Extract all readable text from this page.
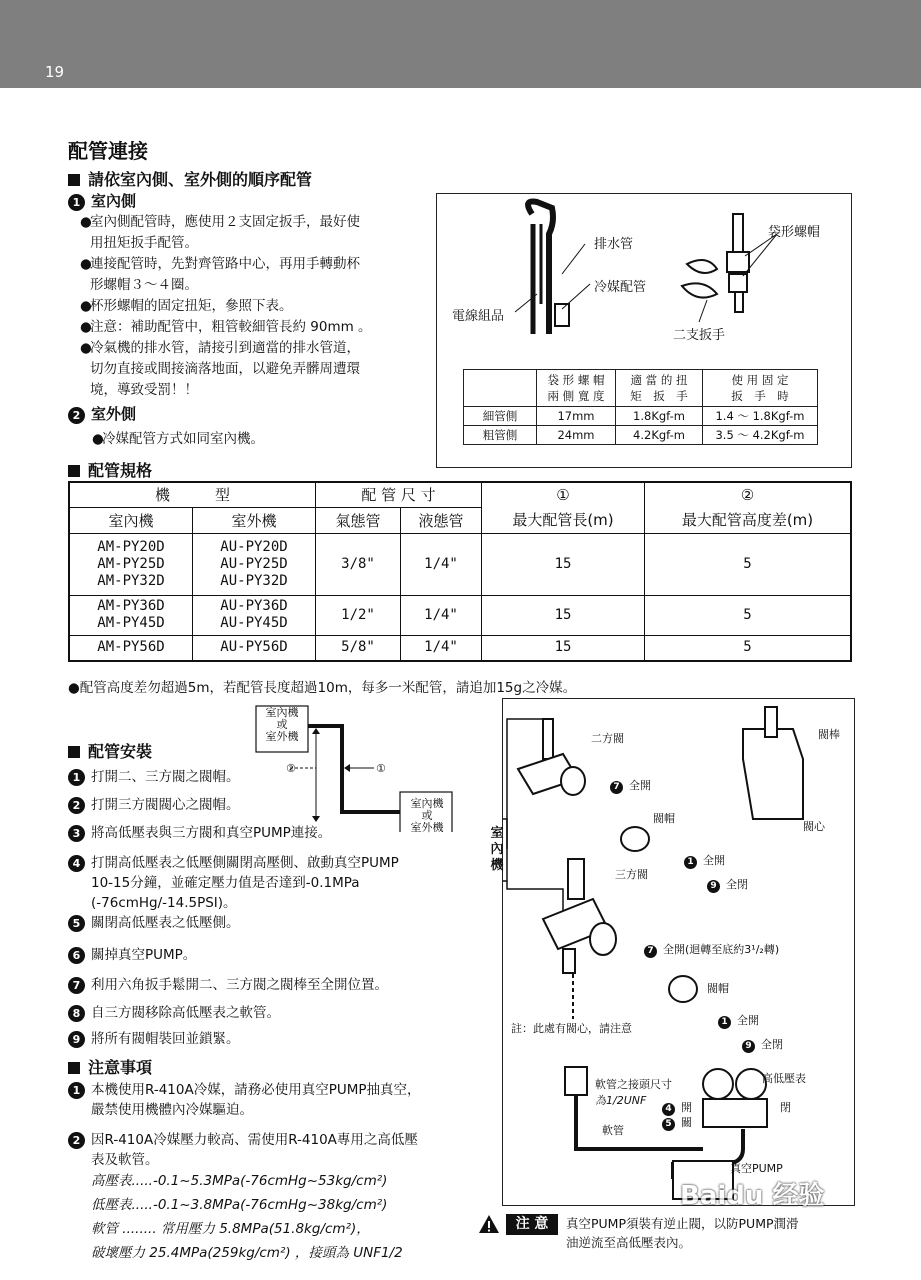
19
配管連接
請依室內側、室外側的順序配管
1 室內側
●室內側配管時，應使用２支固定扳手，最好使
用扭矩扳手配管。
●連接配管時，先對齊管路中心，再用手轉動杯
形螺帽３～４圈。
●杯形螺帽的固定扭矩，參照下表。
●注意：補助配管中，粗管較細管長約 90mm 。
●冷氣機的排水管，請接引到適當的排水管道，
切勿直接或間接滴落地面，以避免弄髒周遭環
境，導致受罰！！
2 室外側
●冷媒配管方式如同室內機。
排水管
冷媒配管
電線組品
袋形螺帽
二支扳手
	袋 形 螺 帽
兩 側 寬 度	適 當 的 扭
矩　扳　手	使 用 固 定
扳　手　時
細管側	17mm	1.8Kgf-m	1.4 ～ 1.8Kgf-m
粗管側	24mm	4.2Kgf-m	3.5 ～ 4.2Kgf-m
配管規格
機　　　型		配 管 尺 寸		①	②
室內機	室外機	氣態管	液態管	最大配管長(m)	最大配管高度差(m)
AM-PY20D
AM-PY25D
AM-PY32D	AU-PY20D
AU-PY25D
AU-PY32D	3/8"	1/4"	15	5
AM-PY36D
AM-PY45D	AU-PY36D
AU-PY45D	1/2"	1/4"	15	5
AM-PY56D	AU-PY56D	5/8"	1/4"	15	5
●配管高度差勿超過5m，若配管長度超過10m，每多一米配管，請追加15g之冷媒。
配管安裝
室內機
或
室外機
室內機
或
室外機
②	①
1 打開二、三方閥之閥帽。
2 打開三方閥閥心之閥帽。
3 將高低壓表與三方閥和真空PUMP連接。
4 打開高低壓表之低壓側關閉高壓側、啟動真空PUMP
10-15分鐘，並確定壓力值是否達到-0.1MPa
(-76cmHg/-14.5PSI)。
5 關閉高低壓表之低壓側。
6 關掉真空PUMP。
7 利用六角扳手鬆開二、三方閥之閥棒至全開位置。
8 自三方閥移除高低壓表之軟管。
9 將所有閥帽裝回並鎖緊。
注意事項
1 本機使用R-410A冷媒，請務必使用真空PUMP抽真空，
嚴禁使用機體內冷媒驅迫。
2 因R-410A冷媒壓力較高、需使用R-410A專用之高低壓
表及軟管。
高壓表.....-0.1~5.3MPa(-76cmHg~53kg/cm²)
低壓表.....-0.1~3.8MPa(-76cmHg~38kg/cm²)
軟管 ........ 常用壓力 5.8MPa(51.8kg/cm²)，
破壞壓力 25.4MPa(259kg/cm²) ，接頭為 UNF1/2
室內機
二方閥
7 全開
閥帽
閥棒
閥心
三方閥
1 全開
9 全閉
7 全開(迴轉至底約3¹/₂轉)
閥帽
1 全開
9 全閉
註：此處有閥心，請注意
軟管之接頭尺寸
為1/2UNF
高低壓表
4 開
5 關
閉
軟管
真空PUMP
注 意	真空PUMP須裝有逆止閥，以防PUMP潤滑
油逆流至高低壓表內。
Baidu 经验
